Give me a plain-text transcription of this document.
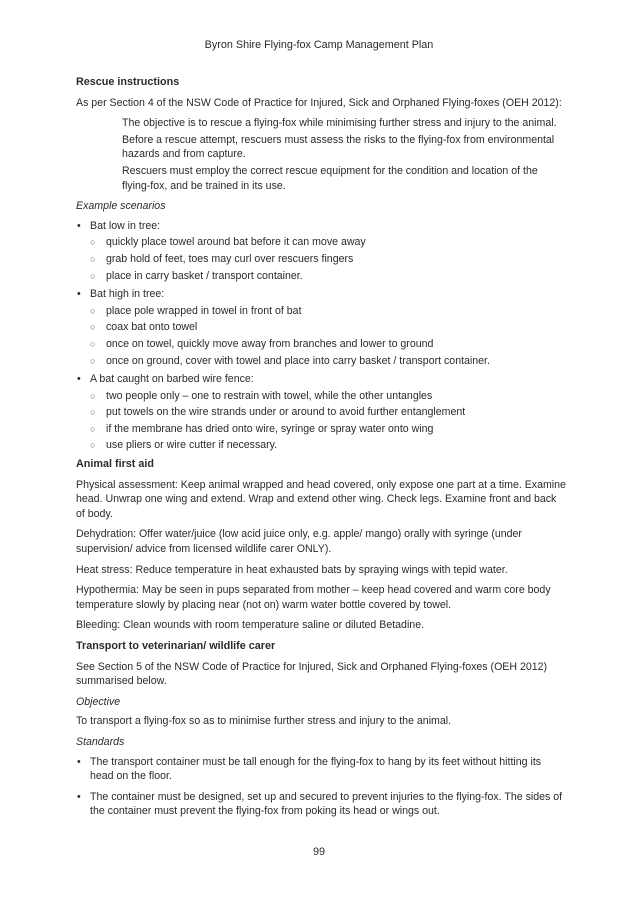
Byron Shire Flying-fox Camp Management Plan
Rescue instructions

As per Section 4 of the NSW Code of Practice for Injured, Sick and Orphaned Flying-foxes (OEH 2012):

The objective is to rescue a flying-fox while minimising further stress and injury to the animal.

Before a rescue attempt, rescuers must assess the risks to the flying-fox from environmental hazards and from capture.

Rescuers must employ the correct rescue equipment for the condition and location of the flying-fox, and be trained in its use.

Example scenarios

• Bat low in tree:
○ quickly place towel around bat before it can move away
○ grab hold of feet, toes may curl over rescuers fingers
○ place in carry basket / transport container.
• Bat high in tree:
○ place pole wrapped in towel in front of bat
○ coax bat onto towel
○ once on towel, quickly move away from branches and lower to ground
○ once on ground, cover with towel and place into carry basket / transport container.
• A bat caught on barbed wire fence:
○ two people only – one to restrain with towel, while the other untangles
○ put towels on the wire strands under or around to avoid further entanglement
○ if the membrane has dried onto wire, syringe or spray water onto wing
○ use pliers or wire cutter if necessary.
Animal first aid

Physical assessment: Keep animal wrapped and head covered, only expose one part at a time. Examine head. Unwrap one wing and extend. Wrap and extend other wing. Check legs. Examine front and back of body.

Dehydration: Offer water/juice (low acid juice only, e.g. apple/ mango) orally with syringe (under supervision/ advice from licensed wildlife carer ONLY).

Heat stress: Reduce temperature in heat exhausted bats by spraying wings with tepid water.

Hypothermia: May be seen in pups separated from mother – keep head covered and warm core body temperature slowly by placing near (not on) warm water bottle covered by towel.

Bleeding: Clean wounds with room temperature saline or diluted Betadine.

Transport to veterinarian/ wildlife carer

See Section 5 of the NSW Code of Practice for Injured, Sick and Orphaned Flying-foxes (OEH 2012) summarised below.

Objective

To transport a flying-fox so as to minimise further stress and injury to the animal.

Standards

• The transport container must be tall enough for the flying-fox to hang by its feet without hitting its head on the floor.
• The container must be designed, set up and secured to prevent injuries to the flying-fox. The sides of the container must prevent the flying-fox from poking its head or wings out.
99
